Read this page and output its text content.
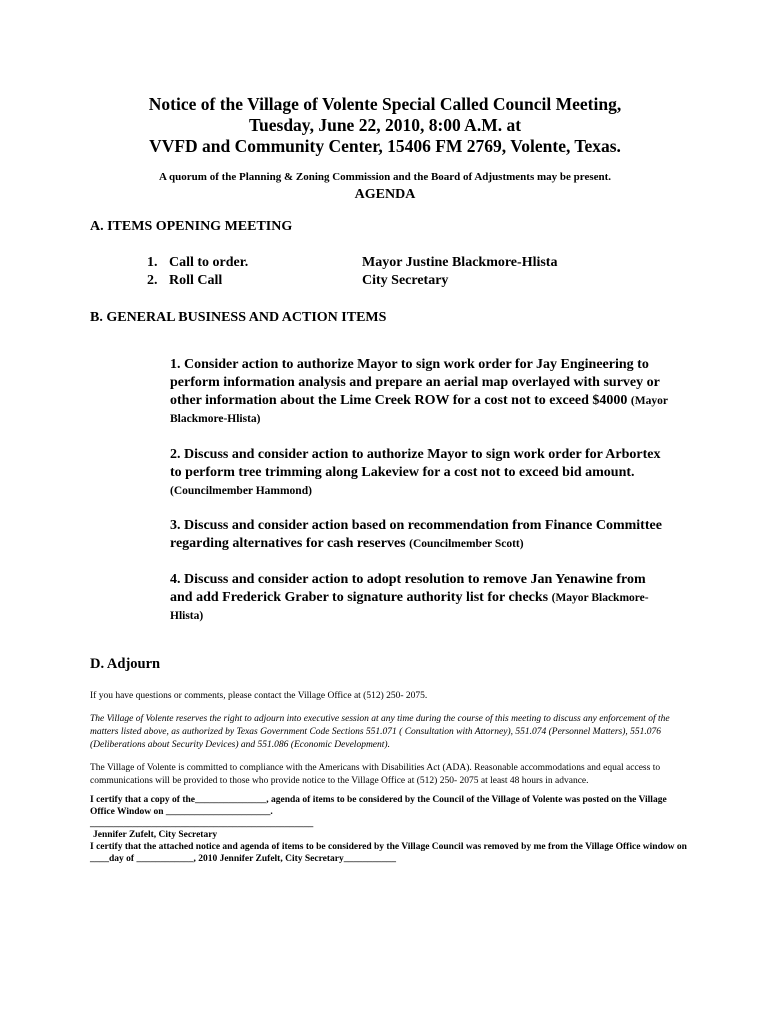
Notice of the Village of Volente Special Called Council Meeting,
Tuesday, June 22, 2010, 8:00 A.M. at
VVFD and Community Center, 15406 FM 2769, Volente, Texas.
A quorum of the Planning & Zoning Commission and the Board of Adjustments may be present.
AGENDA
A. ITEMS OPENING MEETING
1. Call to order.	Mayor Justine Blackmore-Hlista
2. Roll Call	City Secretary
B. GENERAL BUSINESS AND ACTION ITEMS
1. Consider action to authorize Mayor to sign work order for Jay Engineering to perform information analysis and prepare an aerial map overlayed with survey or other information about the Lime Creek ROW for a cost not to exceed $4000 (Mayor Blackmore-Hlista)
2. Discuss and consider action to authorize Mayor to sign work order for Arbortex to perform tree trimming along Lakeview for a cost not to exceed bid amount. (Councilmember Hammond)
3. Discuss and consider action based on recommendation from Finance Committee regarding alternatives for cash reserves (Councilmember Scott)
4. Discuss and consider action to adopt resolution to remove Jan Yenawine from and add Frederick Graber to signature authority list for checks (Mayor Blackmore-Hlista)
D. Adjourn
If you have questions or comments, please contact the Village Office at (512) 250- 2075.
The Village of Volente reserves the right to adjourn into executive session at any time during the course of this meeting to discuss any enforcement of the matters listed above, as authorized by Texas Government Code Sections 551.071 ( Consultation with Attorney), 551.074 (Personnel Matters), 551.076 (Deliberations about Security Devices) and 551.086 (Economic Development).
The Village of Volente is committed to compliance with the Americans with Disabilities Act (ADA). Reasonable accommodations and equal access to communications will be provided to those who provide notice to the Village Office at (512) 250- 2075 at least 48 hours in advance.
I certify that a copy of the_______________, agenda of items to be considered by the Council of the Village of Volente was posted on the Village Office Window on ______________________.
_______________________________________________
Jennifer Zufelt, City Secretary
I certify that the attached notice and agenda of items to be considered by the Village Council was removed by me from the Village Office window on ____day of ____________, 2010 Jennifer Zufelt, City Secretary___________
